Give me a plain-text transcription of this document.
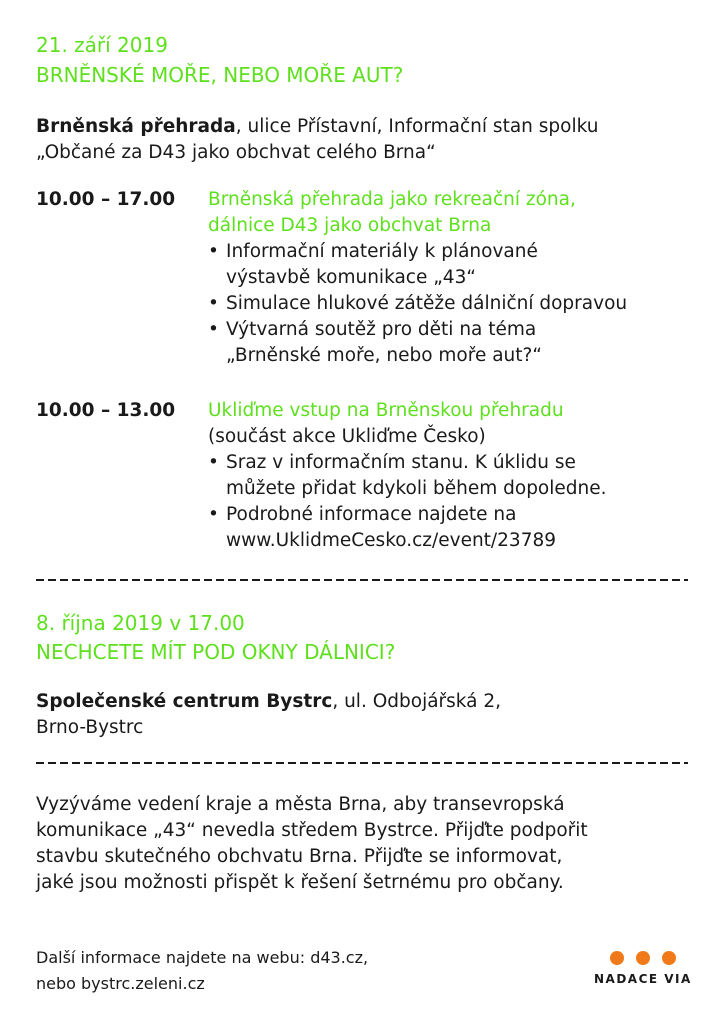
21. září 2019
BRNĚNSKÉ MOŘE, NEBO MOŘE AUT?
Brněnská přehrada, ulice Přístavní, Informační stan spolku
„Občané za D43 jako obchvat celého Brna“
10.00 – 17.00 Brněnská přehrada jako rekreační zóna,
dálnice D43 jako obchvat Brna
• Informační materiály k plánované
výstavbě komunikace „43“
• Simulace hlukové zátěže dálniční dopravou
• Výtvarná soutěž pro děti na téma
„Brněnské moře, nebo moře aut?“
10.00 – 13.00 Ukliďme vstup na Brněnskou přehradu
(součást akce Ukliďme Česko)
• Sraz v informačním stanu. K úklidu se
můžete přidat kdykoli během dopoledne.
• Podrobné informace najdete na
www.UklidmeCesko.cz/event/23789
8. října 2019 v 17.00
NECHCETE MÍT POD OKNY DÁLNICI?
Společenské centrum Bystrc, ul. Odbojářská 2,
Brno-Bystrc
Vyzýváme vedení kraje a města Brna, aby transevropská
komunikace „43“ nevedla středem Bystrce. Přijďte podpořit
stavbu skutečného obchvatu Brna. Přijďte se informovat,
jaké jsou možnosti přispět k řešení šetrnému pro občany.
Další informace najdete na webu: d43.cz,
nebo bystrc.zeleni.cz	NADACE VIA
